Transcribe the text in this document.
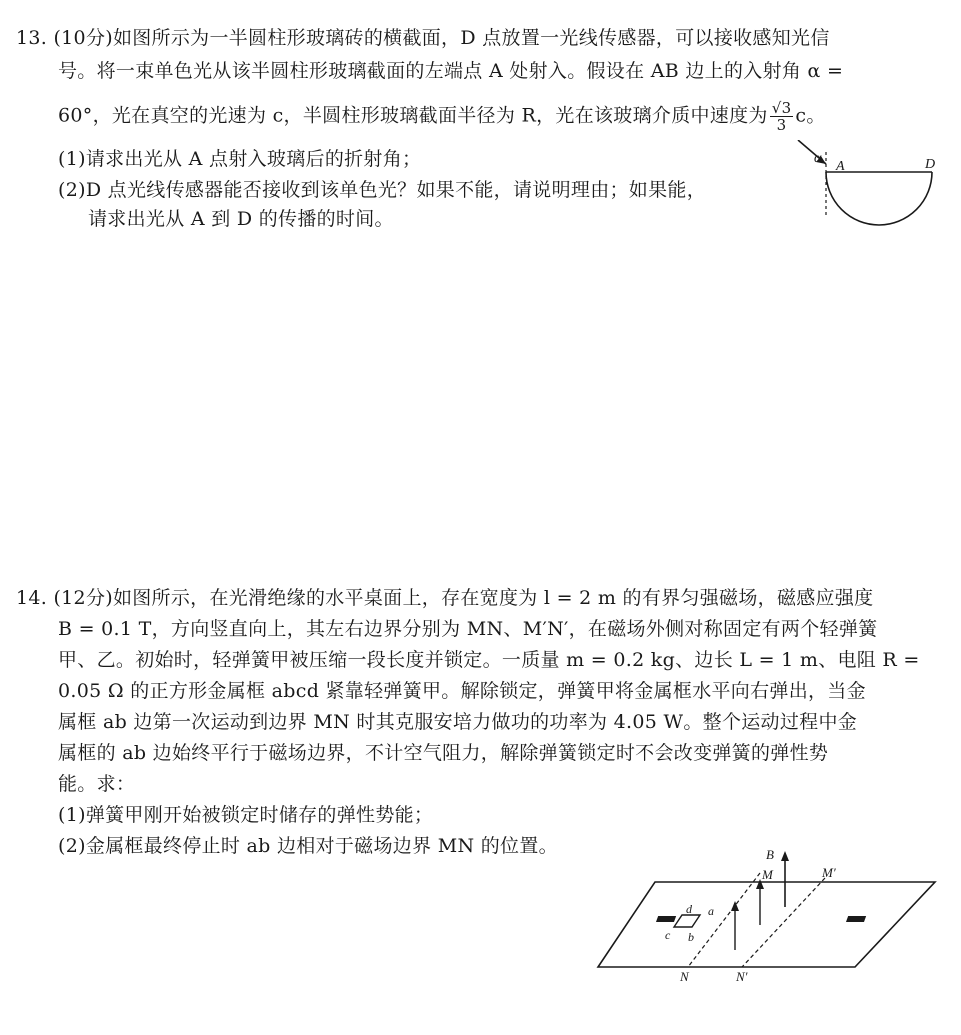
13. (10分)如图所示为一半圆柱形玻璃砖的横截面，D 点放置一光线传感器，可以接收感知光信
号。将一束单色光从该半圆柱形玻璃截面的左端点 A 处射入。假设在 AB 边上的入射角 α =
60°，光在真空的光速为 c，半圆柱形玻璃截面半径为 R，光在该玻璃介质中速度为 $\frac{√3}{3}$ c。
(1)请求出光从 A 点射入玻璃后的折射角；
(2)D 点光线传感器能否接收到该单色光？如果不能，请说明理由；如果能，
请求出光从 A 到 D 的传播的时间。
α
A	D
14. (12分)如图所示，在光滑绝缘的水平桌面上，存在宽度为 l = 2 m 的有界匀强磁场，磁感应强度
B = 0.1 T，方向竖直向上，其左右边界分别为 MN、M′N′，在磁场外侧对称固定有两个轻弹簧
甲、乙。初始时，轻弹簧甲被压缩一段长度并锁定。一质量 m = 0.2 kg、边长 L = 1 m、电阻 R =
0.05 Ω 的正方形金属框 abcd 紧靠轻弹簧甲。解除锁定，弹簧甲将金属框水平向右弹出，当金
属框 ab 边第一次运动到边界 MN 时其克服安培力做功的功率为 4.05 W。整个运动过程中金
属框的 ab 边始终平行于磁场边界，不计空气阻力，解除弹簧锁定时不会改变弹簧的弹性势
能。求：
(1)弹簧甲刚开始被锁定时储存的弹性势能；
(2)金属框最终停止时 ab 边相对于磁场边界 MN 的位置。	B
M	M′
N	N′
d a
c b
